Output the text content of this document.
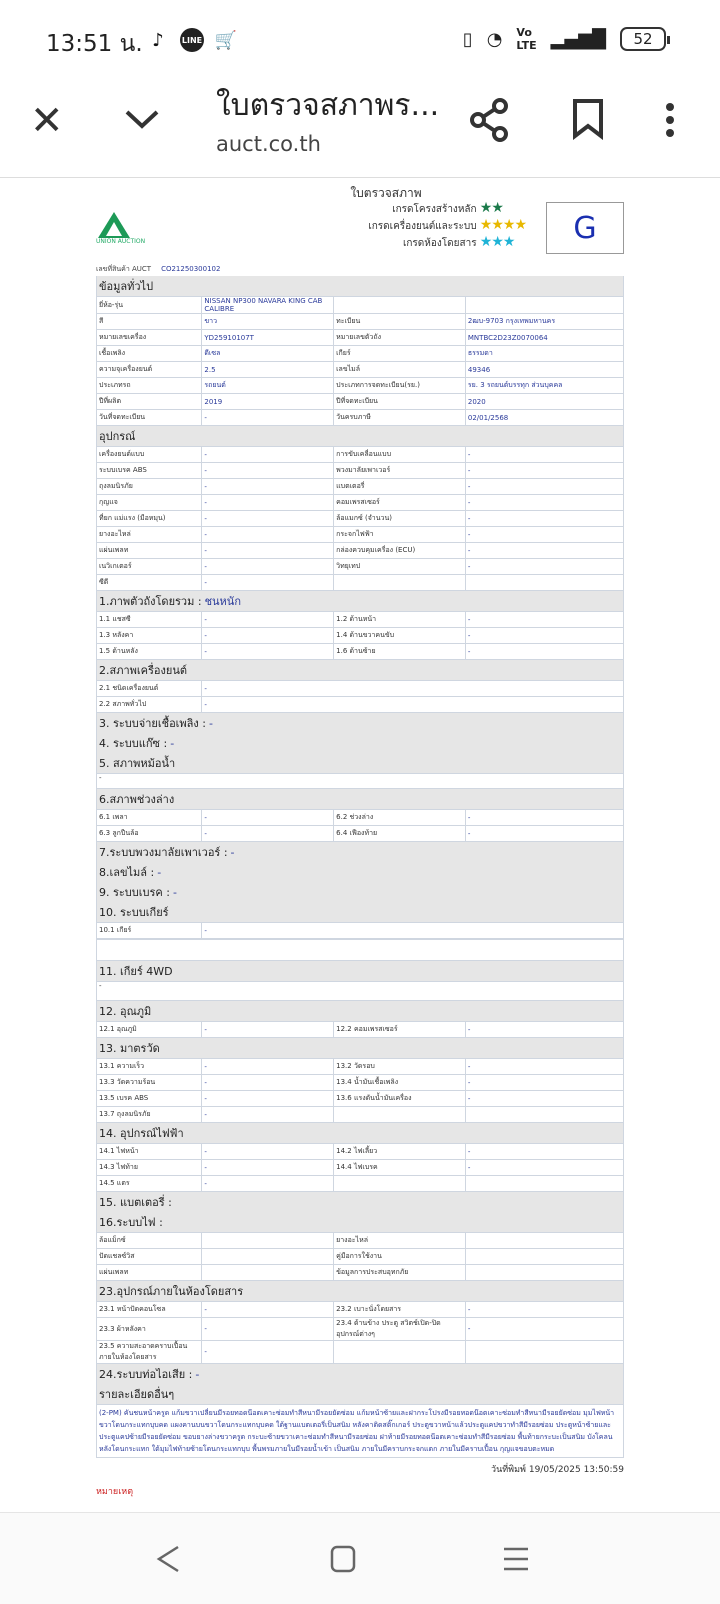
13:51 น. ♪	LINE 🛒	▯ ◔ Vo
LTE ▂▄▆█ 52
✕	ใบตรวจสภาพร...
auct.co.th
UNION AUCTION
ใบตรวจสภาพ
เกรดโครงสร้างหลัก ★★
เกรดเครื่องยนต์และระบบ ★★★★
เกรดห้องโดยสาร ★★★	G
เลขที่สินค้า AUCT CO21250300102
ข้อมูลทั่วไป
ยี่ห้อ-รุ่น	NISSAN NP300 NAVARA KING CAB CALIBRE		
สี	ขาว	ทะเบียน	2ฒบ-9703 กรุงเทพมหานคร
หมายเลขเครื่อง	YD25910107T	หมายเลขตัวถัง	MNTBC2D23Z0070064
เชื้อเพลิง	ดีเซล	เกียร์	ธรรมดา
ความจุเครื่องยนต์	2.5	เลขไมล์	49346
ประเภทรถ	รถยนต์	ประเภทการจดทะเบียน(รย.)	รย. 3 รถยนต์บรรทุก ส่วนบุคคล
ปีที่ผลิต	2019	ปีที่จดทะเบียน	2020
วันที่จดทะเบียน	-	วันครบภาษี	02/01/2568
อุปกรณ์
เครื่องยนต์แบบ	-	การขับเคลื่อนแบบ	-
ระบบเบรค ABS	-	พวงมาลัยเพาเวอร์	-
ถุงลมนิรภัย	-	แบตเตอรี่	-
กุญแจ	-	คอมเพรสเซอร์	-
ที่ยก แม่แรง (มือหมุน)	-	ล้อแมกซ์ (จำนวน)	-
ยางอะไหล่	-	กระจกไฟฟ้า	-
แผ่นเพลท	-	กล่องควบคุมเครื่อง (ECU)	-
เนวิเกเตอร์	-	วิทยุเทป	-
ซีดี	-		
1.ภาพตัวถังโดยรวม : ชนหนัก
1.1 แชสซี	-	1.2 ด้านหน้า	-
1.3 หลังคา	-	1.4 ด้านขวาคนขับ	-
1.5 ด้านหลัง	-	1.6 ด้านซ้าย	-
2.สภาพเครื่องยนต์
2.1 ชนิดเครื่องยนต์	-
2.2 สภาพทั่วไป	-
3. ระบบจ่ายเชื้อเพลิง : -
4. ระบบแก๊ซ : -
5. สภาพหม้อน้ำ
-
6.สภาพช่วงล่าง
6.1 เพลา	-	6.2 ช่วงล่าง	-
6.3 ลูกปืนล้อ	-	6.4 เฟืองท้าย	-
7.ระบบพวงมาลัยเพาเวอร์ : -
8.เลขไมล์ : -
9. ระบบเบรค : -
10. ระบบเกียร์
10.1 เกียร์	-
11. เกียร์ 4WD
-
12. อุณภูมิ
12.1 อุณภูมิ	-	12.2 คอมเพรสเซอร์	-
13. มาตรวัด
13.1 ความเร็ว	-	13.2 วัดรอบ	-
13.3 วัดความร้อน	-	13.4 น้ำมันเชื้อเพลิง	-
13.5 เบรค ABS	-	13.6 แรงดันน้ำมันเครื่อง	-
13.7 ถุงลมนิรภัย	-		
14. อุปกรณ์ไฟฟ้า
14.1 ไฟหน้า	-	14.2 ไฟเลี้ยว	-
14.3 ไฟท้าย	-	14.4 ไฟเบรค	-
14.5 แตร	-		
15. แบตเตอรี่ :
16.ระบบไฟ :
ล้อแม็กซ์		ยางอะไหล่	
ปัดแชลซ์วิส		คู่มือการใช้งาน	
แผ่นเพลท		ข้อมูลการประสบอุทกภัย	
23.อุปกรณ์ภายในห้องโดยสาร
23.1 หน้าปัดคอนโซล	-	23.2 เบาะนั่งโดยสาร	-
23.3 ผ้าหลังคา	-	23.4 ด้านข้าง ประตู สวิตช์เปิด-ปิด อุปกรณ์ต่างๆ	-
23.5 ความสะอาดคราบเปื้อน ภายในห้องโดยสาร	-		
24.ระบบท่อไอเสีย : -
รายละเอียดอื่นๆ
(2-PM) คันชนหน้าครูด แก้มขวาเปลี่ยนมีรอยทอดน๊อตเคาะซ่อมทำสีหนามีรอยยัดซ่อม แก้มหน้าซ้ายและฝากระโปรงมีรอยทอดน๊อตเคาะซ่อมทำสีหนามีรอยยัดซ่อม มุมไฟหน้าขวาโดนกระแทกบุบคด แผงคานบนขวาโดนกระแทกบุบคด ใต้ฐานแบตเตอรี่เป็นสนิม หลังคาติดสติ๊กเกอร์ ประตูขวาหน้าแล้วประตูแคปขวาทำสีมีรอยซ่อม ประตูหน้าซ้ายและประตูแคปซ้ายมีรอยยัดซ่อม ขอบยางล่างขวาครูด กระบะซ้ายขวาเคาะซ่อมทำสีหนามีรอยซ่อม ฝาท้ายมีรอยทอดน๊อตเคาะซ่อมทำสีมีรอยซ่อม พื้นท้ายกระบะเป็นสนิม บังโคลนหลังโดนกระแทก ใต้มุมไฟท้ายซ้ายโดนกระแทกบุบ พื้นพรมภายในมีรอยน้ำเข้า เป็นสนิม ภายในมีคราบกระจกแตก ภายในมีคราบเปื้อน กุญแจขอบตะหมด
วันที่พิมพ์ 19/05/2025 13:50:59
หมายเหตุ
